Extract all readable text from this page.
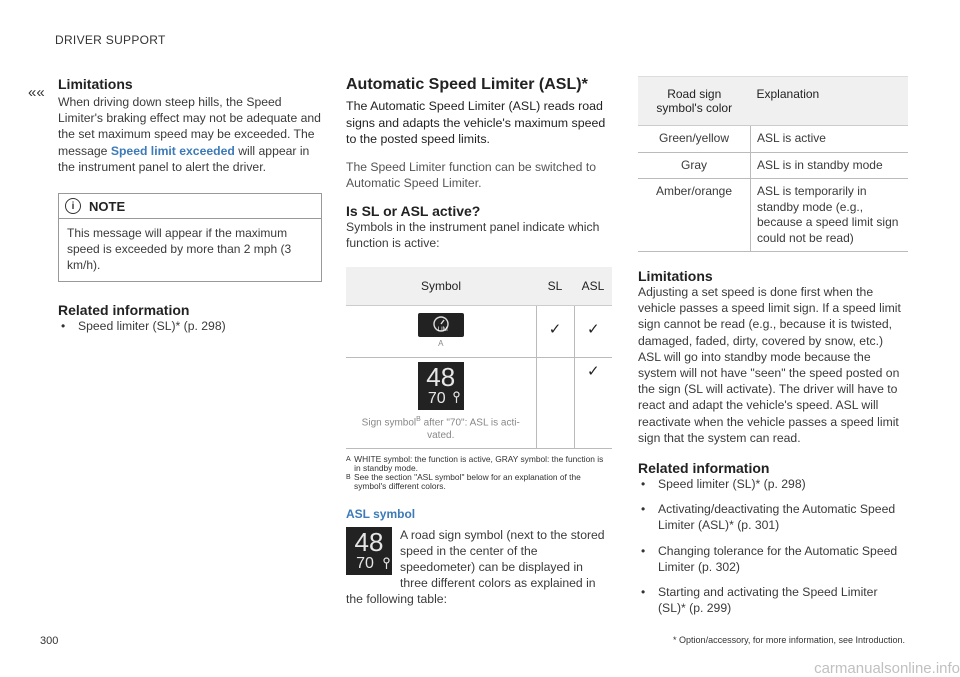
DRIVER SUPPORT
«« Limitations

When driving down steep hills, the Speed Limiter's braking effect may not be adequate and the set maximum speed may be exceeded. The message Speed limit exceeded will appear in the instrument panel to alert the driver.

i	NOTE
This message will appear if the maximum speed is exceeded by more than 2 mph (3 km/h).
Related information
• Speed limiter (SL)* (p. 298)
Automatic Speed Limiter (ASL)*

The Automatic Speed Limiter (ASL) reads road signs and adapts the vehicle's maximum speed to the posted speed limits.

The Speed Limiter function can be switched to Automatic Speed Limiter.

Is SL or ASL active?

Symbols in the instrument panel indicate which function is active:

Symbol	SL	ASL

LIM
A	✓	✓

48
70
Sign symbol$^B$ after "70": ASL is acti-vated.		✓
A WHITE symbol: the function is active, GRAY symbol: the function is in standby mode.
B See the section "ASL symbol" below for an explanation of the symbol's different colors.
ASL symbol
48
70

A road sign symbol (next to the stored speed in the center of the speedometer) can be displayed in three different colors as explained in the following table:

Road sign symbol's color	Explanation
Green/yellow	ASL is active
Gray	ASL is in standby mode
Amber/orange	ASL is temporarily in standby mode (e.g., because a speed limit sign could not be read)
Limitations

Adjusting a set speed is done first when the vehicle passes a speed limit sign. If a speed limit sign cannot be read (e.g., because it is twisted, damaged, faded, dirty, covered by snow, etc.) ASL will go into standby mode because the system will not have "seen" the speed posted on the sign (SL will activate). The driver will have to react and adapt the vehicle's speed. ASL will reactivate when the vehicle passes a speed limit sign that the system can read.

Related information
• Speed limiter (SL)* (p. 298)
• Activating/deactivating the Automatic Speed Limiter (ASL)* (p. 301)
• Changing tolerance for the Automatic Speed Limiter (p. 302)
• Starting and activating the Speed Limiter (SL)* (p. 299)
300	* Option/accessory, for more information, see Introduction.
carmanualsonline.info
